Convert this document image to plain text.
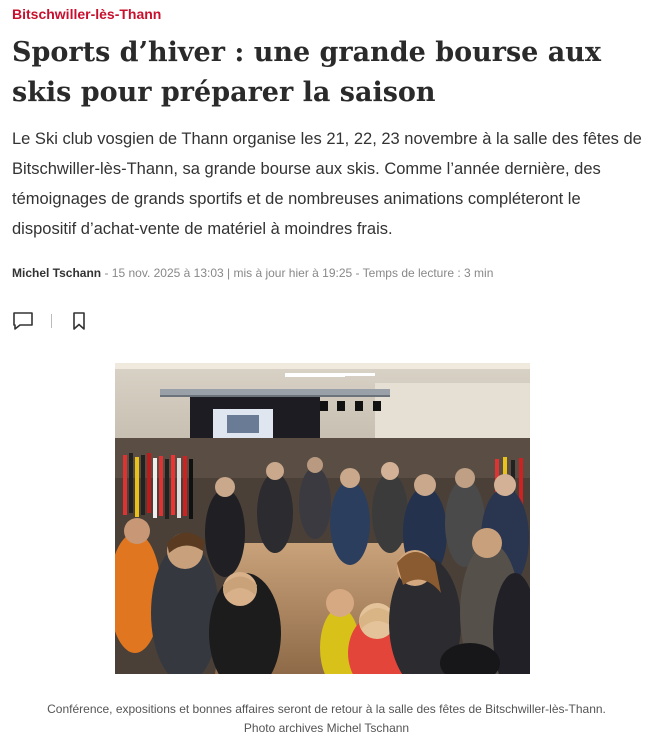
Bitschwiller-lès-Thann
Sports d’hiver : une grande bourse aux skis pour préparer la saison

Le Ski club vosgien de Thann organise les 21, 22, 23 novembre à la salle des fêtes de Bitschwiller-lès-Thann, sa grande bourse aux skis. Comme l’année dernière, des témoignages de grands sportifs et de nombreuses animations compléteront le dispositif d’achat-vente de matériel à moindres frais.

Michel Tschann - 15 nov. 2025 à 13:03 | mis à jour hier à 19:25 - Temps de lecture : 3 min

Conférence, expositions et bonnes affaires seront de retour à la salle des fêtes de Bitschwiller-lès-Thann.
Photo archives Michel Tschann
